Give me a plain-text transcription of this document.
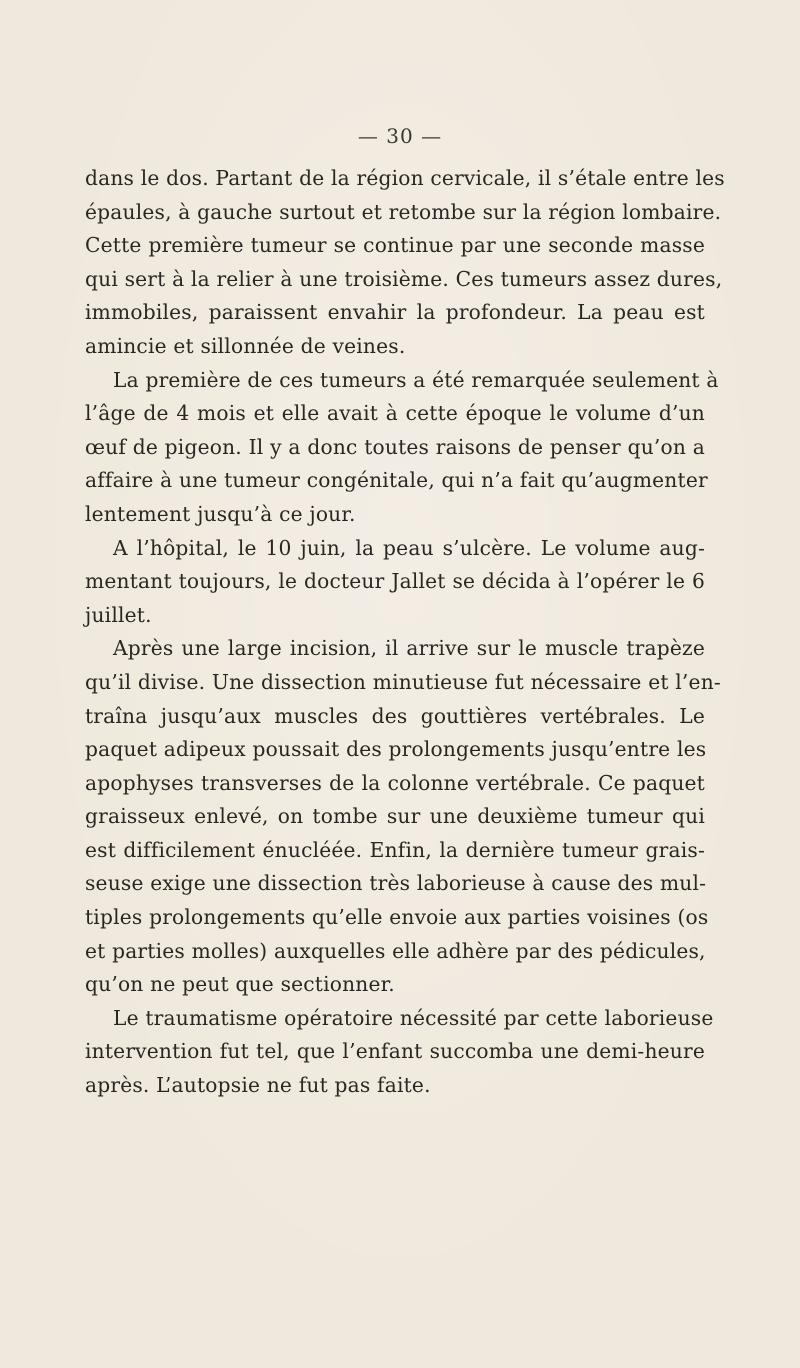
— 30 —
dans le dos. Partant de la région cervicale, il s’étale entre les
épaules, à gauche surtout et retombe sur la région lombaire.
Cette première tumeur se continue par une seconde masse
qui sert à la relier à une troisième. Ces tumeurs assez dures,
immobiles, paraissent envahir la profondeur. La peau est
amincie et sillonnée de veines.
La première de ces tumeurs a été remarquée seulement à
l’âge de 4 mois et elle avait à cette époque le volume d’un
œuf de pigeon. Il y a donc toutes raisons de penser qu’on a
affaire à une tumeur congénitale, qui n’a fait qu’augmenter
lentement jusqu’à ce jour.
A l’hôpital, le 10 juin, la peau s’ulcère. Le volume aug-
mentant toujours, le docteur Jallet se décida à l’opérer le 6
juillet.
Après une large incision, il arrive sur le muscle trapèze
qu’il divise. Une dissection minutieuse fut nécessaire et l’en-
traîna jusqu’aux muscles des gouttières vertébrales. Le
paquet adipeux poussait des prolongements jusqu’entre les
apophyses transverses de la colonne vertébrale. Ce paquet
graisseux enlevé, on tombe sur une deuxième tumeur qui
est difficilement énucléée. Enfin, la dernière tumeur grais-
seuse exige une dissection très laborieuse à cause des mul-
tiples prolongements qu’elle envoie aux parties voisines (os
et parties molles) auxquelles elle adhère par des pédicules,
qu’on ne peut que sectionner.
Le traumatisme opératoire nécessité par cette laborieuse
intervention fut tel, que l’enfant succomba une demi-heure
après. L’autopsie ne fut pas faite.
